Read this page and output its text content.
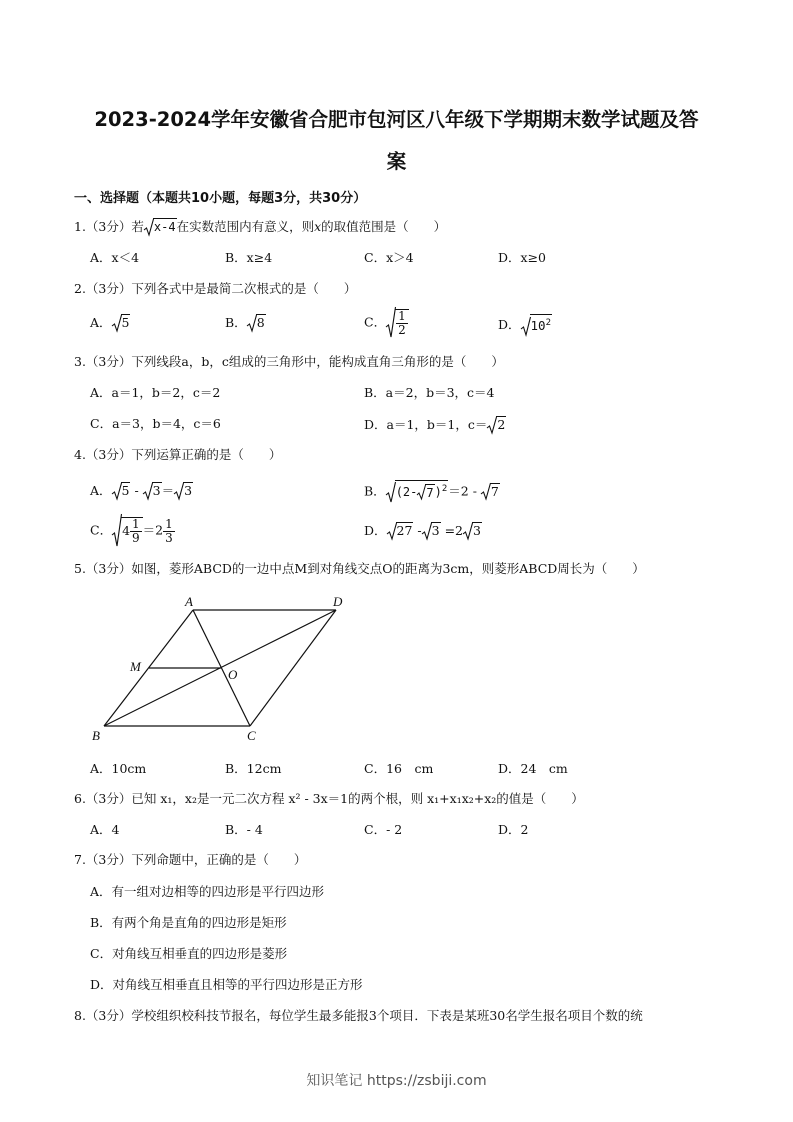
2023-2024学年安徽省合肥市包河区八年级下学期期末数学试题及答
案
一、选择题（本题共10小题，每题3分，共30分）
1.（3分）若 x-4在实数范围内有意义，则x的取值范围是（　　）
A．x＜4	B．x≥4	C．x＞4	D．x≥0
2.（3分）下列各式中是最简二次根式的是（　　）
A． 5	B． 8	C． $\frac{1}{2}$	D． $10^2$
3.（3分）下列线段a，b，c组成的三角形中，能构成直角三角形的是（　　）
A．a＝1，b＝2，c＝2	B．a＝2，b＝3，c＝4
C．a＝3，b＝4，c＝6	D．a＝1，b＝1，c＝ 2
4.（3分）下列运算正确的是（　　）
A． 5 - 3＝ 3	B． (2- 7)$^2$＝2 - 7
C． $4 \frac{1}{9} =2 \frac{1}{3}$	D． 27 - 3 =2 3
5.（3分）如图，菱形ABCD的一边中点M到对角线交点O的距离为3cm，则菱形ABCD周长为（　　）
A	D
B	C
M
O
A．10cm	B．12cm	C．16　cm	D．24　cm
6.（3分）已知 x₁，x₂是一元二次方程 x² - 3x＝1的两个根，则 x₁+x₁x₂+x₂的值是（　　）
A．4	B．- 4	C．- 2	D．2
7.（3分）下列命题中，正确的是（　　）
A．有一组对边相等的四边形是平行四边形
B．有两个角是直角的四边形是矩形
C．对角线互相垂直的四边形是菱形
D．对角线互相垂直且相等的平行四边形是正方形
8.（3分）学校组织校科技节报名，每位学生最多能报3个项目．下表是某班30名学生报名项目个数的统
知识笔记 https://zsbiji.com
